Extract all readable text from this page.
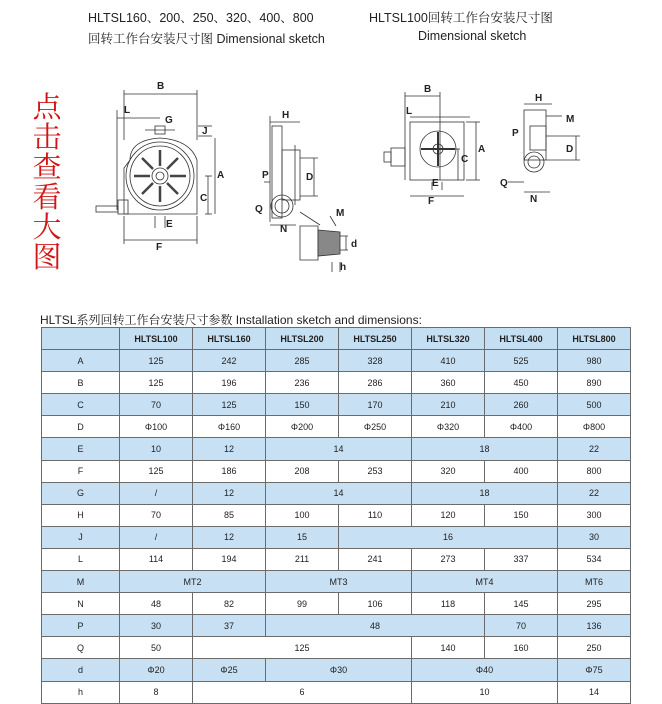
HLTSL160、200、250、320、400、800
回转工作台安装尺寸图 Dimensional sketch
HLTSL100回转工作台安装尺寸图
Dimensional sketch
点
击
查
看
大
图
B
L
G
J
A
C
E
F
H
P	D
Q
N
M
d
h
B
L
A
C
E
F
H
P
M
D
Q
N
HLTSL系列回转工作台安装尺寸参数 Installation sketch and dimensions:
	HLTSL100	HLTSL160	HLTSL200	HLTSL250	HLTSL320	HLTSL400	HLTSL800
A	125	242	285	328	410	525	980
B	125	196	236	286	360	450	890
C	70	125	150	170	210	260	500
D	Φ100	Φ160	Φ200	Φ250	Φ320	Φ400	Φ800
E	10	12	14		18		22
F	125	186	208	253	320	400	800
G	/	12	14		18		22
H	70	85	100	110	120	150	300
J	/	12	15	16			30
L	114	194	211	241	273	337	534
M	MT2		MT3		MT4		MT6
N	48	82	99	106	118	145	295
P	30	37	48			70	136
Q	50	125			140	160	250
d	Φ20	Φ25	Φ30		Φ40		Φ75
h	8	6			10		14
